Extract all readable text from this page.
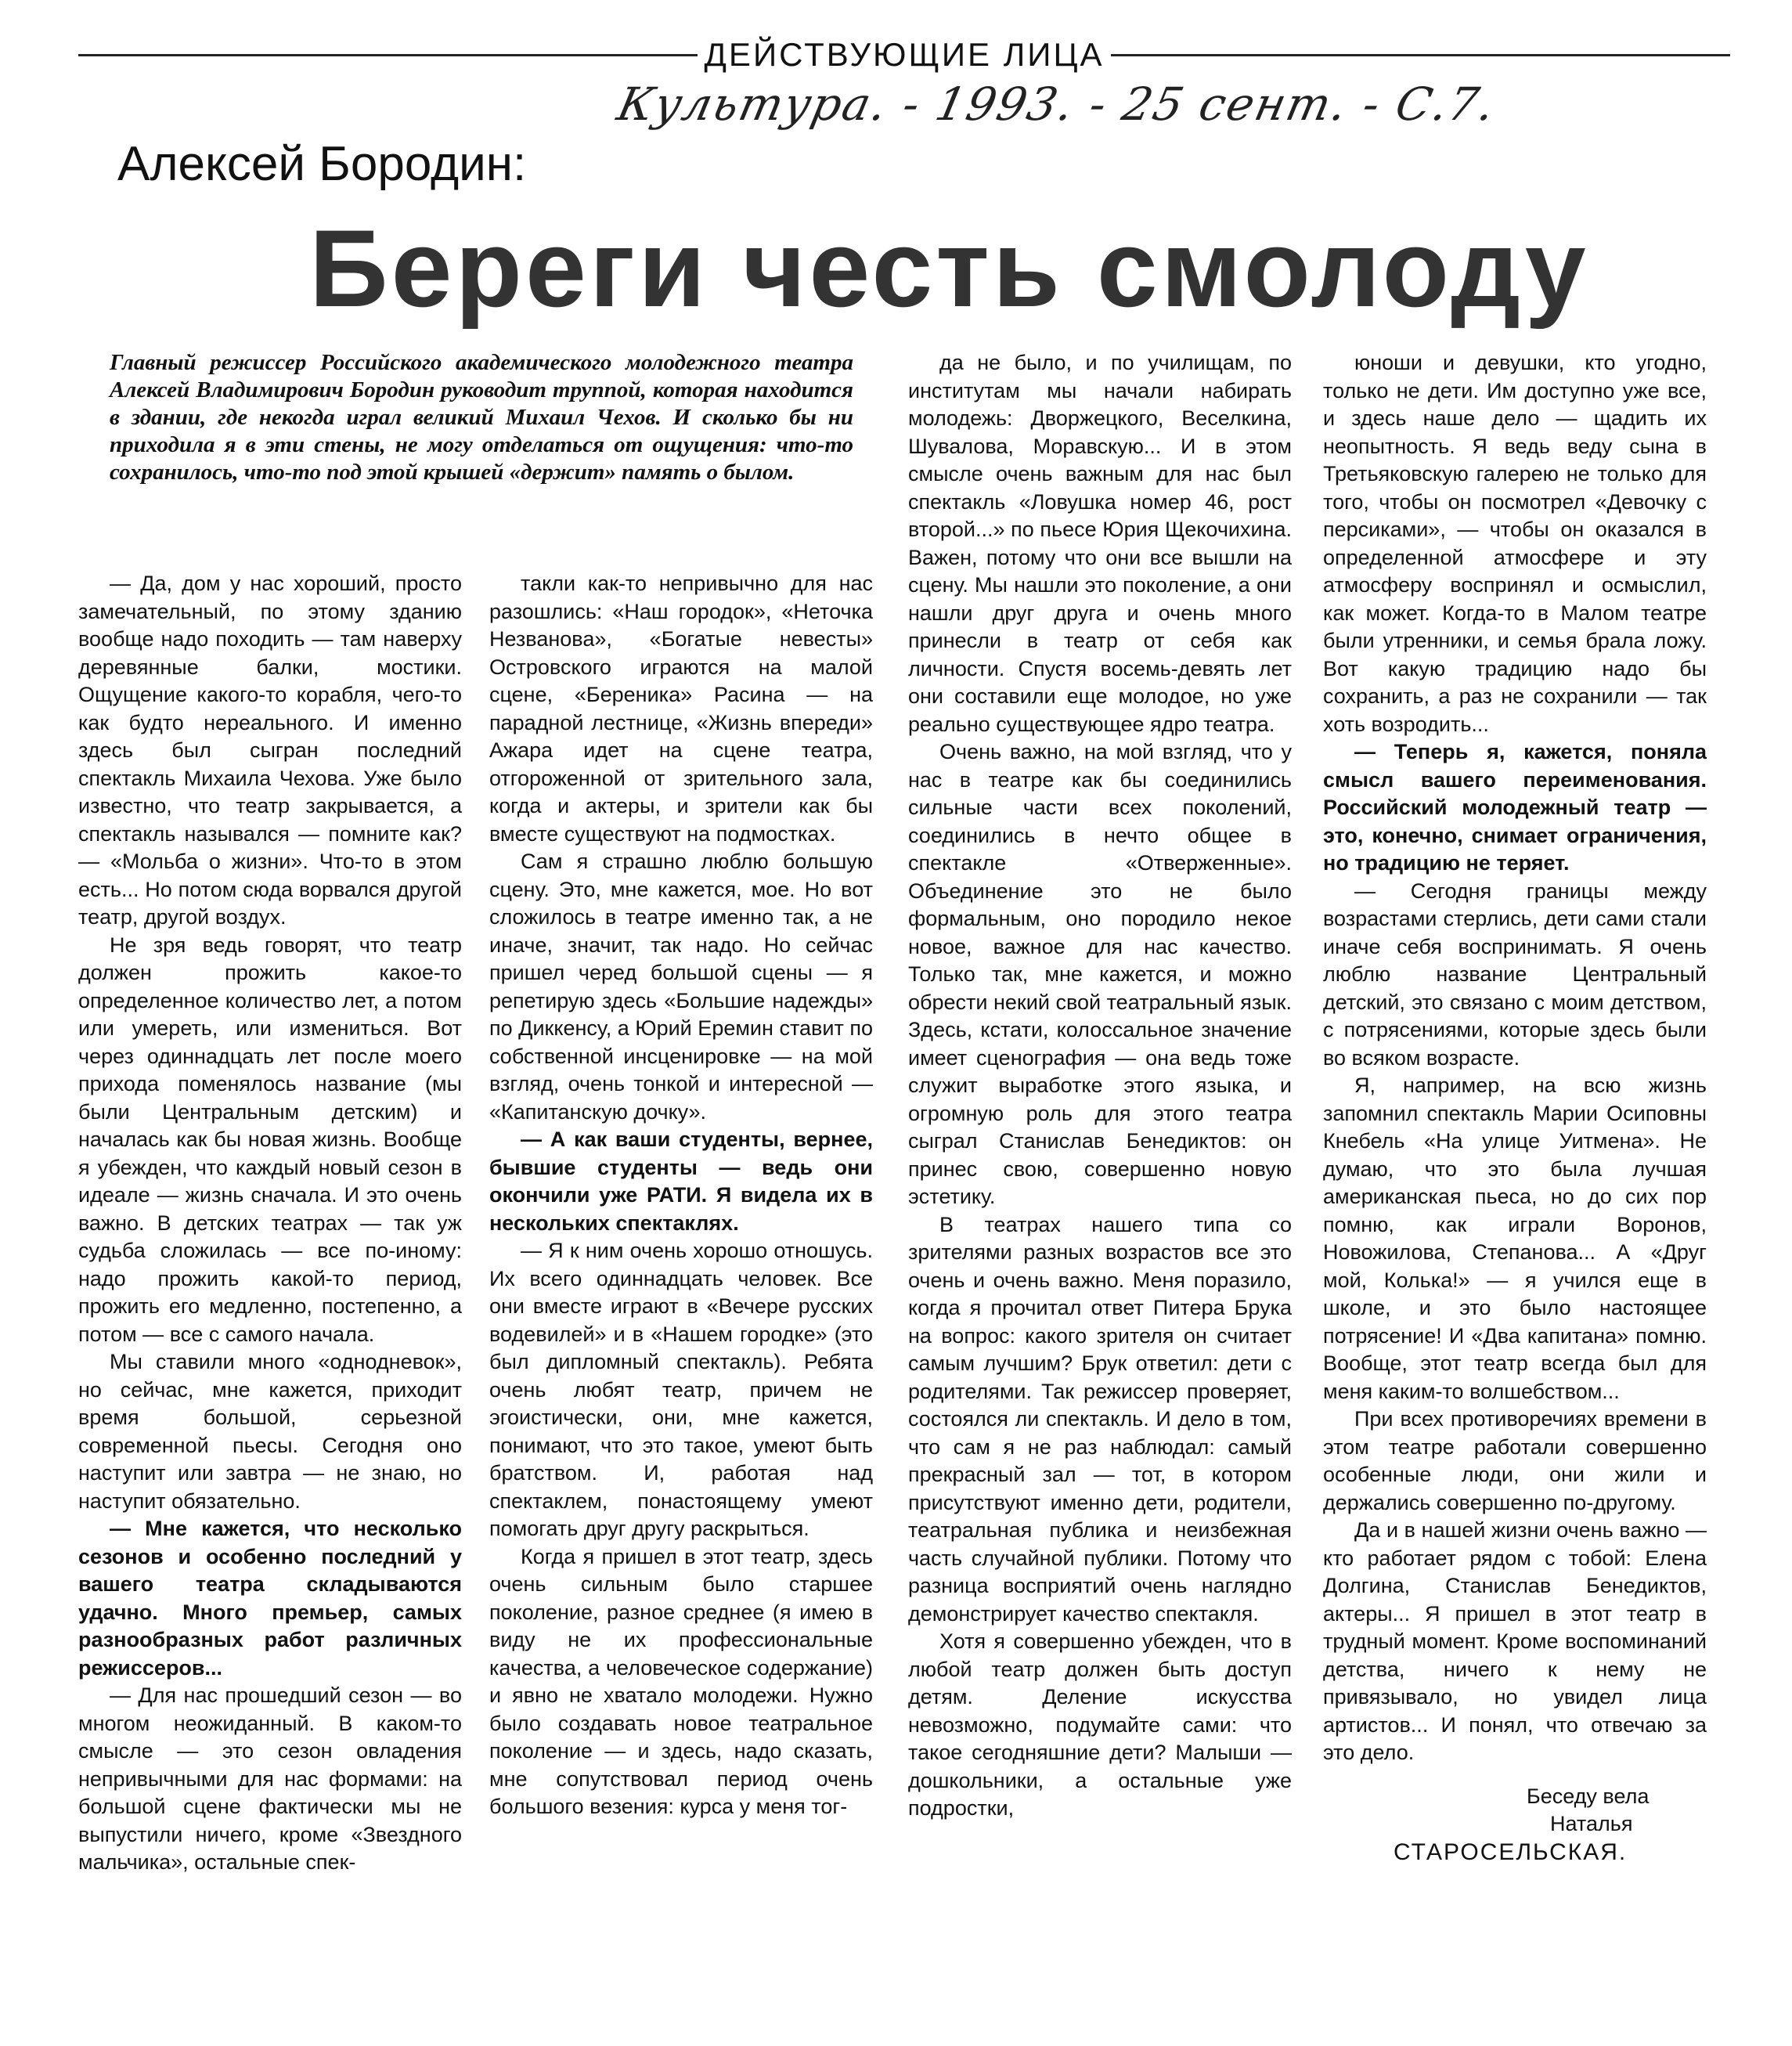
ДЕЙСТВУЮЩИЕ ЛИЦА
Культура. - 1993. - 25 сент. - С.7.
Алексей Бородин:
Береги честь смолоду
Главный режиссер Российского академического молодежного театра Алексей Владимирович Бородин руководит труппой, которая находится в здании, где некогда играл великий Михаил Чехов. И сколько бы ни приходила я в эти стены, не могу отделаться от ощущения: что-то сохранилось, что-то под этой крышей «держит» память о былом.

— Да, дом у нас хороший, просто замечательный, по этому зданию вообще надо походить — там наверху деревянные балки, мостики. Ощущение какого-то корабля, чего-то как будто нереального. И именно здесь был сыгран последний спектакль Михаила Чехова. Уже было известно, что театр закрывается, а спектакль назывался — помните как? — «Мольба о жизни». Что-то в этом есть... Но потом сюда ворвался другой театр, другой воздух.

Не зря ведь говорят, что театр должен прожить какое-то определенное количество лет, а потом или умереть, или измениться. Вот через одиннадцать лет после моего прихода поменялось название (мы были Центральным детским) и началась как бы новая жизнь. Вообще я убежден, что каждый новый сезон в идеале — жизнь сначала. И это очень важно. В детских театрах — так уж судьба сложилась — все по-иному: надо прожить какой-то период, прожить его медленно, постепенно, а потом — все с самого начала.

Мы ставили много «однодневок», но сейчас, мне кажется, приходит время большой, серьезной современной пьесы. Сегодня оно наступит или завтра — не знаю, но наступит обязательно.

— Мне кажется, что несколько сезонов и особенно последний у вашего театра складываются удачно. Много премьер, самых разнообразных работ различных режиссеров...

— Для нас прошедший сезон — во многом неожиданный. В каком-то смысле — это сезон овладения непривычными для нас формами: на большой сцене фактически мы не выпустили ничего, кроме «Звездного мальчика», остальные спек-

такли как-то непривычно для нас разошлись: «Наш городок», «Неточка Незванова», «Богатые невесты» Островского играются на малой сцене, «Береника» Расина — на парадной лестнице, «Жизнь впереди» Ажара идет на сцене театра, отгороженной от зрительного зала, когда и актеры, и зрители как бы вместе существуют на подмостках.

Сам я страшно люблю большую сцену. Это, мне кажется, мое. Но вот сложилось в театре именно так, а не иначе, значит, так надо. Но сейчас пришел черед большой сцены — я репетирую здесь «Большие надежды» по Диккенсу, а Юрий Еремин ставит по собственной инсценировке — на мой взгляд, очень тонкой и интересной — «Капитанскую дочку».

— А как ваши студенты, вернее, бывшие студенты — ведь они окончили уже РАТИ. Я видела их в нескольких спектаклях.

— Я к ним очень хорошо отношусь. Их всего одиннадцать человек. Все они вместе играют в «Вечере русских водевилей» и в «Нашем городке» (это был дипломный спектакль). Ребята очень любят театр, причем не эгоистически, они, мне кажется, понимают, что это такое, умеют быть братством. И, работая над спектаклем, понастоящему умеют помогать друг другу раскрыться.

Когда я пришел в этот театр, здесь очень сильным было старшее поколение, разное среднее (я имею в виду не их профессиональные качества, а человеческое содержание) и явно не хватало молодежи. Нужно было создавать новое театральное поколение — и здесь, надо сказать, мне сопутствовал период очень большого везения: курса у меня тог-

да не было, и по училищам, по институтам мы начали набирать молодежь: Дворжецкого, Веселкина, Шувалова, Моравскую... И в этом смысле очень важным для нас был спектакль «Ловушка номер 46, рост второй...» по пьесе Юрия Щекочихина. Важен, потому что они все вышли на сцену. Мы нашли это поколение, а они нашли друг друга и очень много принесли в театр от себя как личности. Спустя восемь-девять лет они составили еще молодое, но уже реально существующее ядро театра.

Очень важно, на мой взгляд, что у нас в театре как бы соединились сильные части всех поколений, соединились в нечто общее в спектакле «Отверженные». Объединение это не было формальным, оно породило некое новое, важное для нас качество. Только так, мне кажется, и можно обрести некий свой театральный язык. Здесь, кстати, колоссальное значение имеет сценография — она ведь тоже служит выработке этого языка, и огромную роль для этого театра сыграл Станислав Бенедиктов: он принес свою, совершенно новую эстетику.

В театрах нашего типа со зрителями разных возрастов все это очень и очень важно. Меня поразило, когда я прочитал ответ Питера Брука на вопрос: какого зрителя он считает самым лучшим? Брук ответил: дети с родителями. Так режиссер проверяет, состоялся ли спектакль. И дело в том, что сам я не раз наблюдал: самый прекрасный зал — тот, в котором присутствуют именно дети, родители, театральная публика и неизбежная часть случайной публики. Потому что разница восприятий очень наглядно демонстрирует качество спектакля.

Хотя я совершенно убежден, что в любой театр должен быть доступ детям. Деление искусства невозможно, подумайте сами: что такое сегодняшние дети? Малыши — дошкольники, а остальные уже подростки,

юноши и девушки, кто угодно, только не дети. Им доступно уже все, и здесь наше дело — щадить их неопытность. Я ведь веду сына в Третьяковскую галерею не только для того, чтобы он посмотрел «Девочку с персиками», — чтобы он оказался в определенной атмосфере и эту атмосферу воспринял и осмыслил, как может. Когда-то в Малом театре были утренники, и семья брала ложу. Вот какую традицию надо бы сохранить, а раз не сохранили — так хоть возродить...

— Теперь я, кажется, поняла смысл вашего переименования. Российский молодежный театр — это, конечно, снимает ограничения, но традицию не теряет.

— Сегодня границы между возрастами стерлись, дети сами стали иначе себя воспринимать. Я очень люблю название Центральный детский, это связано с моим детством, с потрясениями, которые здесь были во всяком возрасте.

Я, например, на всю жизнь запомнил спектакль Марии Осиповны Кнебель «На улице Уитмена». Не думаю, что это была лучшая американская пьеса, но до сих пор помню, как играли Воронов, Новожилова, Степанова... А «Друг мой, Колька!» — я учился еще в школе, и это было настоящее потрясение! И «Два капитана» помню. Вообще, этот театр всегда был для меня каким-то волшебством...

При всех противоречиях времени в этом театре работали совершенно особенные люди, они жили и держались совершенно по-другому.

Да и в нашей жизни очень важно — кто работает рядом с тобой: Елена Долгина, Станислав Бенедиктов, актеры... Я пришел в этот театр в трудный момент. Кроме воспоминаний детства, ничего к нему не привязывало, но увидел лица артистов... И понял, что отвечаю за это дело.

Беседу вела

Наталья

СТАРОСЕЛЬСКАЯ.
